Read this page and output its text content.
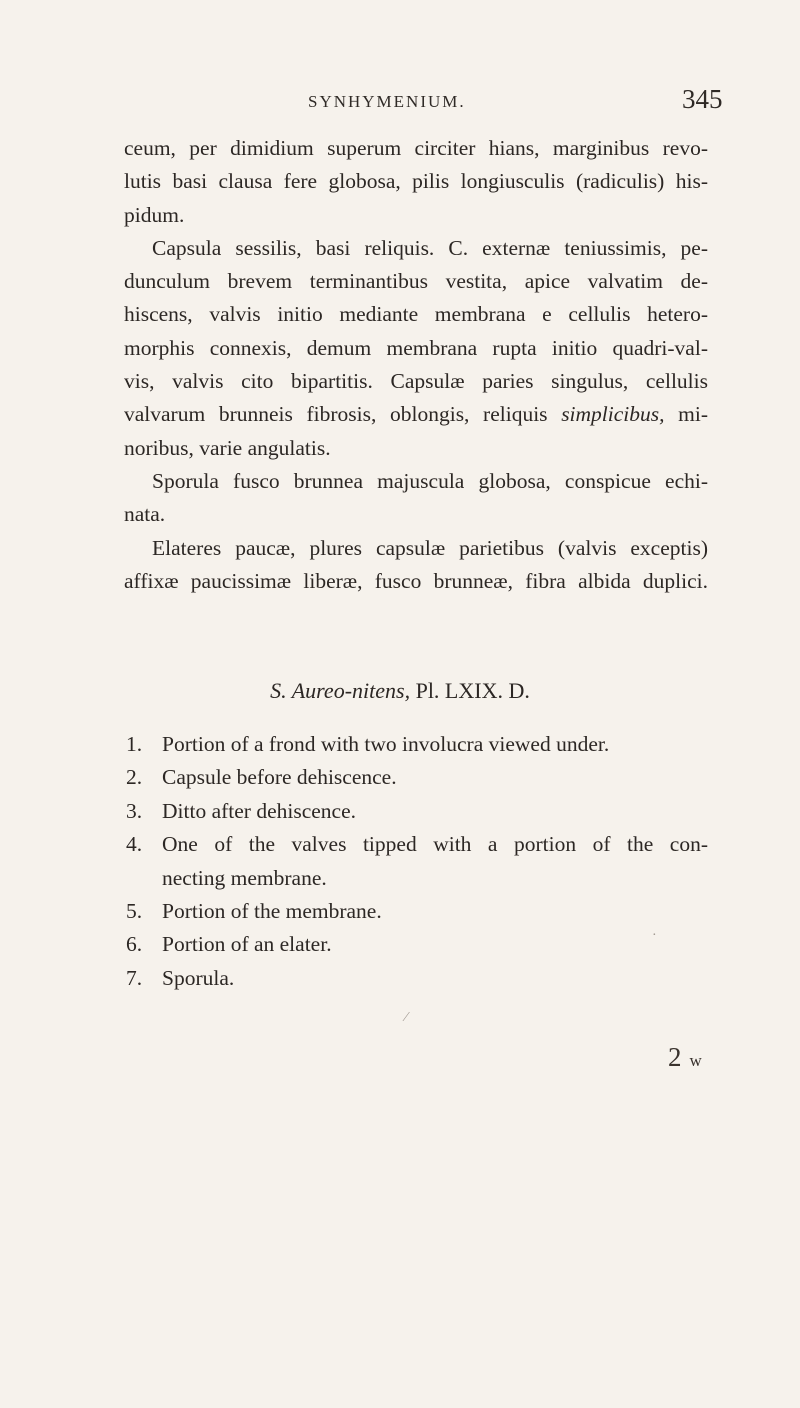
SYNHYMENIUM.	345

ceum, per dimidium superum circiter hians, marginibus revo-
lutis basi clausa fere globosa, pilis longiusculis (radiculis) his-
pidum.

Capsula sessilis, basi reliquis. C. externæ teniussimis, pe-
dunculum brevem terminantibus vestita, apice valvatim de-
hiscens, valvis initio mediante membrana e cellulis hetero-
morphis connexis, demum membrana rupta initio quadri-val-
vis, valvis cito bipartitis. Capsulæ paries singulus, cellulis
valvarum brunneis fibrosis, oblongis, reliquis simplicibus, mi-
noribus, varie angulatis.

Sporula fusco brunnea majuscula globosa, conspicue echi-
nata.

Elateres paucæ, plures capsulæ parietibus (valvis exceptis)
affixæ paucissimæ liberæ, fusco brunneæ, fibra albida duplici.

S. Aureo-nitens, Pl. LXIX. D.
1. Portion of a frond with two involucra viewed under.
2. Capsule before dehiscence.
3. Ditto after dehiscence.
4. One of the valves tipped with a portion of the con-
necting membrane.
5. Portion of the membrane.
6. Portion of an elater.
7. Sporula.
·
⁄
2 w
